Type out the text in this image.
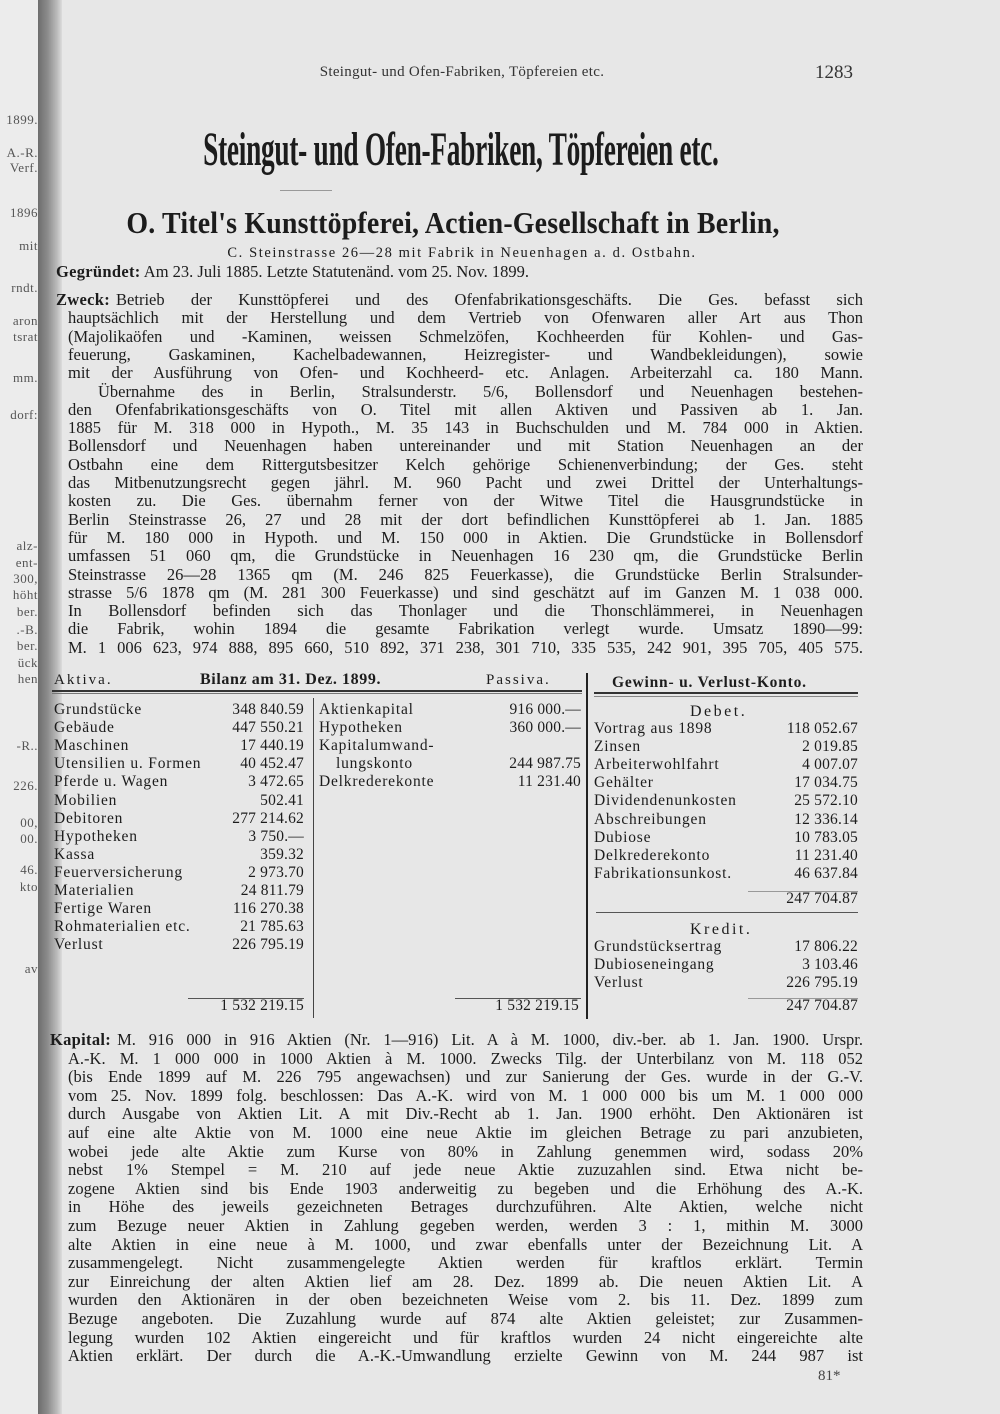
1899.
A.-R.
Verf.
1896
mit
rndt.
aron
tsrat
mm.
dorf:
alz-
ent-
300,
höht
ber.
.-B.
ber.
ück
hen
-R..
226.
00,
00.
46.
kto
av
Steingut- und Ofen-Fabriken, Töpfereien etc.	1283
Steingut- und Ofen-Fabriken, Töpfereien etc.
O. Titel's Kunsttöpferei, Actien-Gesellschaft in Berlin,
C. Steinstrasse 26—28 mit Fabrik in Neuenhagen a. d. Ostbahn.
Gegründet: Am 23. Juli 1885. Letzte Statutenänd. vom 25. Nov. 1899.
Zweck: Betrieb der Kunsttöpferei und des Ofenfabrikationsgeschäfts. Die Ges. befasst sich
hauptsächlich mit der Herstellung und dem Vertrieb von Ofenwaren aller Art aus Thon
(Majolikaöfen und -Kaminen, weissen Schmelzöfen, Kochheerden für Kohlen- und Gas-
feuerung, Gaskaminen, Kachelbadewannen, Heizregister- und Wandbekleidungen), sowie
mit der Ausführung von Ofen- und Kochheerd- etc. Anlagen. Arbeiterzahl ca. 180 Mann.
Übernahme des in Berlin, Stralsunderstr. 5/6, Bollensdorf und Neuenhagen bestehen-
den Ofenfabrikationsgeschäfts von O. Titel mit allen Aktiven und Passiven ab 1. Jan.
1885 für M. 318 000 in Hypoth., M. 35 143 in Buchschulden und M. 784 000 in Aktien.
Bollensdorf und Neuenhagen haben untereinander und mit Station Neuenhagen an der
Ostbahn eine dem Rittergutsbesitzer Kelch gehörige Schienenverbindung; der Ges. steht
das Mitbenutzungsrecht gegen jährl. M. 960 Pacht und zwei Drittel der Unterhaltungs-
kosten zu. Die Ges. übernahm ferner von der Witwe Titel die Hausgrundstücke in
Berlin Steinstrasse 26, 27 und 28 mit der dort befindlichen Kunsttöpferei ab 1. Jan. 1885
für M. 180 000 in Hypoth. und M. 150 000 in Aktien. Die Grundstücke in Bollensdorf
umfassen 51 060 qm, die Grundstücke in Neuenhagen 16 230 qm, die Grundstücke Berlin
Steinstrasse 26—28 1365 qm (M. 246 825 Feuerkasse), die Grundstücke Berlin Stralsunder-
strasse 5/6 1878 qm (M. 281 300 Feuerkasse) und sind geschätzt auf im Ganzen M. 1 038 000.
In Bollensdorf befinden sich das Thonlager und die Thonschlämmerei, in Neuenhagen
die Fabrik, wohin 1894 die gesamte Fabrikation verlegt wurde. Umsatz 1890—99:
M. 1 006 623, 974 888, 895 660, 510 892, 371 238, 301 710, 335 535, 242 901, 395 705, 405 575.
Kapital: M. 916 000 in 916 Aktien (Nr. 1—916) Lit. A à M. 1000, div.-ber. ab 1. Jan. 1900. Urspr.
A.-K. M. 1 000 000 in 1000 Aktien à M. 1000. Zwecks Tilg. der Unterbilanz von M. 118 052
(bis Ende 1899 auf M. 226 795 angewachsen) und zur Sanierung der Ges. wurde in der G.-V.
vom 25. Nov. 1899 folg. beschlossen: Das A.-K. wird von M. 1 000 000 bis um M. 1 000 000
durch Ausgabe von Aktien Lit. A mit Div.-Recht ab 1. Jan. 1900 erhöht. Den Aktionären ist
auf eine alte Aktie von M. 1000 eine neue Aktie im gleichen Betrage zu pari anzubieten,
wobei jede alte Aktie zum Kurse von 80% in Zahlung genemmen wird, sodass 20%
nebst 1% Stempel = M. 210 auf jede neue Aktie zuzuzahlen sind. Etwa nicht be-
zogene Aktien sind bis Ende 1903 anderweitig zu begeben und die Erhöhung des A.-K.
in Höhe des jeweils gezeichneten Betrages durchzuführen. Alte Aktien, welche nicht
zum Bezuge neuer Aktien in Zahlung gegeben werden, werden 3 : 1, mithin M. 3000
alte Aktien in eine neue à M. 1000, und zwar ebenfalls unter der Bezeichnung Lit. A
zusammengelegt. Nicht zusammengelegte Aktien werden für kraftlos erklärt. Termin
zur Einreichung der alten Aktien lief am 28. Dez. 1899 ab. Die neuen Aktien Lit. A
wurden den Aktionären in der oben bezeichneten Weise vom 2. bis 11. Dez. 1899 zum
Bezuge angeboten. Die Zuzahlung wurde auf 874 alte Aktien geleistet; zur Zusammen-
legung wurden 102 Aktien eingereicht und für kraftlos wurden 24 nicht eingereichte alte
Aktien erklärt. Der durch die A.-K.-Umwandlung erzielte Gewinn von M. 244 987 ist
Aktiva.	Bilanz am 31. Dez. 1899.	Passiva.
Grundstücke	348 840.59
Gebäude	447 550.21
Maschinen	17 440.19
Utensilien u. Formen	40 452.47
Pferde u. Wagen	3 472.65
Mobilien	502.41
Debitoren	277 214.62
Hypotheken	3 750.—
Kassa	359.32
Feuerversicherung	2 973.70
Materialien	24 811.79
Fertige Waren	116 270.38
Rohmaterialien etc.	21 785.63
Verlust	226 795.19
Aktienkapital	916 000.—
Hypotheken	360 000.—
Kapitalumwand-
lungskonto	244 987.75
Delkrederekonte	11 231.40
1 532 219.15	1 532 219.15
Gewinn- u. Verlust-Konto.
Debet.
Vortrag aus 1898	118 052.67
Zinsen	2 019.85
Arbeiterwohlfahrt	4 007.07
Gehälter	17 034.75
Dividendenunkosten	25 572.10
Abschreibungen	12 336.14
Dubiose	10 783.05
Delkrederekonto	11 231.40
Fabrikationsunkost.	46 637.84
247 704.87
Kredit.
Grundstücksertrag	17 806.22
Dubioseneingang	3 103.46
Verlust	226 795.19
247 704.87
81*
